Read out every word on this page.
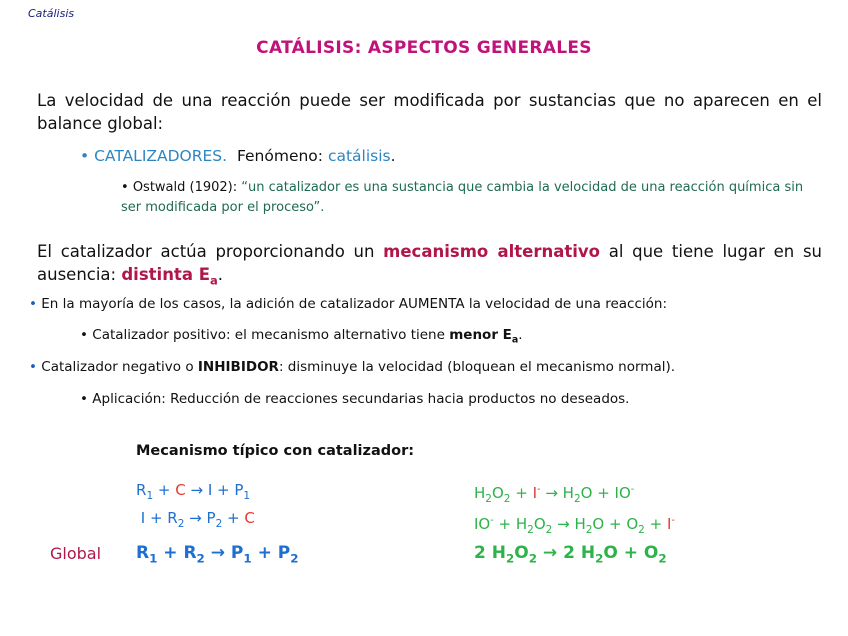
Catálisis
CATÁLISIS: ASPECTOS GENERALES
La velocidad de una reacción puede ser modificada por sustancias que no aparecen en el balance global:
• CATALIZADORES. Fenómeno: catálisis.
• Ostwald (1902): “un catalizador es una sustancia que cambia la velocidad de una reacción química sin ser modificada por el proceso”.
El catalizador actúa proporcionando un mecanismo alternativo al que tiene lugar en su ausencia: distinta $E_a$.
• En la mayoría de los casos, la adición de catalizador AUMENTA la velocidad de una reacción:
• Catalizador positivo: el mecanismo alternativo tiene menor $E_a$.
• Catalizador negativo o INHIBIDOR: disminuye la velocidad (bloquean el mecanismo normal).
• Aplicación: Reducción de reacciones secundarias hacia productos no deseados.
Mecanismo típico con catalizador:
$R_1 + C \to I + P_1$
$I + R_2 \to P_2 + C$
$H_2O_2 + I^- \to H_2O + IO^-$
$IO^- + H_2O_2 \to H_2O + O_2 + I^-$
Global $R_1 + R_2 \to P_1 + P_2$	2 $H_2O_2 \to 2$ $H_2O + O_2$
